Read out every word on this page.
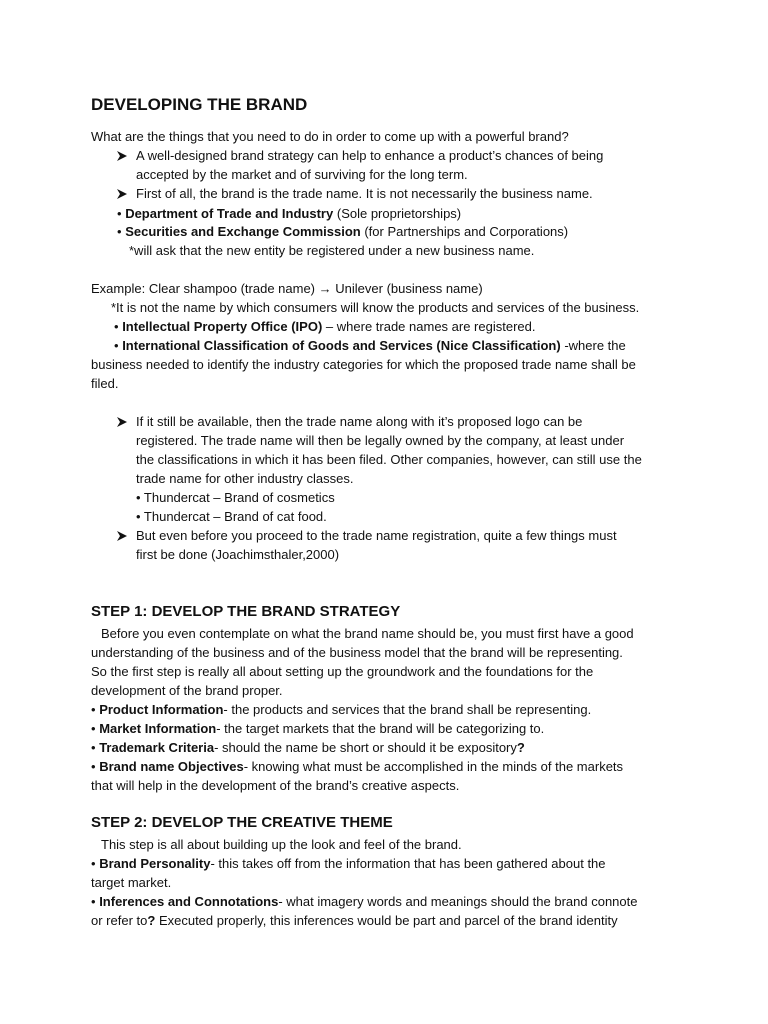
DEVELOPING THE BRAND
What are the things that you need to do in order to come up with a powerful brand?
A well-designed brand strategy can help to enhance a product’s chances of being
accepted by the market and of surviving for the long term.
First of all, the brand is the trade name. It is not necessarily the business name.
• Department of Trade and Industry (Sole proprietorships)
• Securities and Exchange Commission (for Partnerships and Corporations)
*will ask that the new entity be registered under a new business name.
Example: Clear shampoo (trade name) → Unilever (business name)
*It is not the name by which consumers will know the products and services of the business.
• Intellectual Property Office (IPO) – where trade names are registered.
• International Classification of Goods and Services (Nice Classification) -where the
business needed to identify the industry categories for which the proposed trade name shall be
filed.
If it still be available, then the trade name along with it’s proposed logo can be
registered. The trade name will then be legally owned by the company, at least under
the classifications in which it has been filed. Other companies, however, can still use the
trade name for other industry classes.
• Thundercat – Brand of cosmetics
• Thundercat – Brand of cat food.
But even before you proceed to the trade name registration, quite a few things must
first be done (Joachimsthaler,2000)
STEP 1: DEVELOP THE BRAND STRATEGY
Before you even contemplate on what the brand name should be, you must first have a good
understanding of the business and of the business model that the brand will be representing.
So the first step is really all about setting up the groundwork and the foundations for the
development of the brand proper.
• Product Information- the products and services that the brand shall be representing.
• Market Information- the target markets that the brand will be categorizing to.
• Trademark Criteria- should the name be short or should it be expository?
• Brand name Objectives- knowing what must be accomplished in the minds of the markets
that will help in the development of the brand’s creative aspects.
STEP 2: DEVELOP THE CREATIVE THEME
This step is all about building up the look and feel of the brand.
• Brand Personality- this takes off from the information that has been gathered about the
target market.
• Inferences and Connotations- what imagery words and meanings should the brand connote
or refer to? Executed properly, this inferences would be part and parcel of the brand identity
